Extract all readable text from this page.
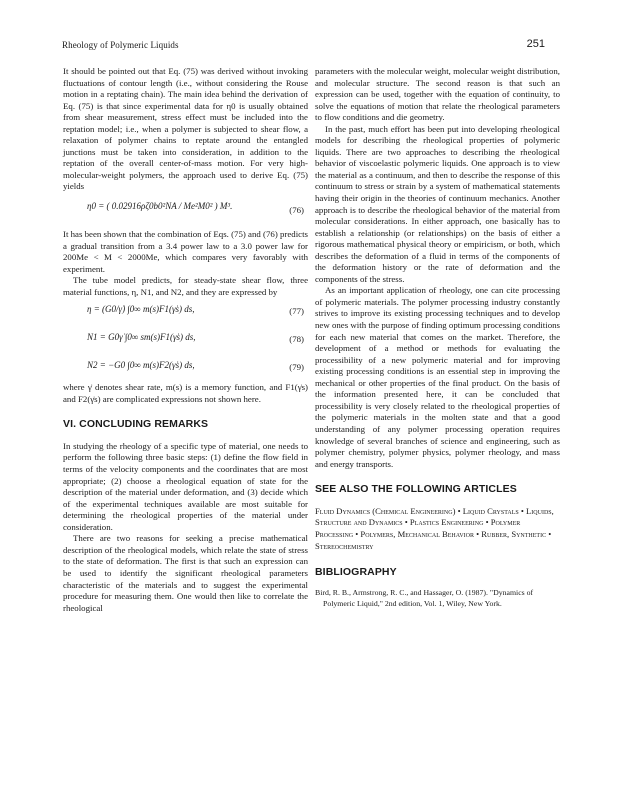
Rheology of Polymeric Liquids	251

It should be pointed out that Eq. (75) was derived without invoking fluctuations of contour length (i.e., without considering the Rouse motion in a reptating chain). The main idea behind the derivation of Eq. (75) is that since experimental data for η0 is usually obtained from shear measurement, stress effect must be included into the reptation model; i.e., when a polymer is subjected to shear flow, a relaxation of polymer chains to reptate around the entangled junctions must be taken into consideration, in addition to the reptation of the overall center-of-mass motion. For very high-molecular-weight polymers, the approach used to derive Eq. (75) yields

η0 = ( 0.02916ρζ0b0²NA / Me²M0² ) M³.	(76)

It has been shown that the combination of Eqs. (75) and (76) predicts a gradual transition from a 3.4 power law to a 3.0 power law for 200Me < M < 2000Me, which compares very favorably with experiment.

The tube model predicts, for steady-state shear flow, three material functions, η, N1, and N2, and they are expressed by

η = (G0/γ̇) ∫0∞ m(s)F1(γ̇s) ds,	(77)
N1 = G0γ̇ ∫0∞ sm(s)F1(γ̇s) ds,	(78)
N2 = −G0 ∫0∞ m(s)F2(γ̇s) ds,	(79)

where γ̇ denotes shear rate, m(s) is a memory function, and F1(γ̇s) and F2(γ̇s) are complicated expressions not shown here.

VI. CONCLUDING REMARKS

In studying the rheology of a specific type of material, one needs to perform the following three basic steps: (1) define the flow field in terms of the velocity components and the coordinates that are most appropriate; (2) choose a rheological equation of state for the description of the material under deformation, and (3) decide which of the experimental techniques available are most suitable for determining the rheological properties of the material under consideration.

There are two reasons for seeking a precise mathematical description of the rheological models, which relate the state of stress to the state of deformation. The first is that such an expression can be used to identify the significant rheological parameters characteristic of the materials and to suggest the experimental procedure for measuring them. One would then like to correlate the rheological

parameters with the molecular weight, molecular weight distribution, and molecular structure. The second reason is that such an expression can be used, together with the equation of continuity, to solve the equations of motion that relate the rheological parameters to flow conditions and die geometry.

In the past, much effort has been put into developing rheological models for describing the rheological properties of polymeric liquids. There are two approaches to describing the rheological behavior of viscoelastic polymeric liquids. One approach is to view the material as a continuum, and then to describe the response of this continuum to stress or strain by a system of mathematical statements having their origin in the theories of continuum mechanics. Another approach is to describe the rheological behavior of the material from molecular considerations. In either approach, one basically has to establish a relationship (or relationships) on the basis of either a rigorous mathematical physical theory or empiricism, or both, which describes the deformation of a fluid in terms of the components of the deformation history or the rate of deformation and the components of the stress.

As an important application of rheology, one can cite processing of polymeric materials. The polymer processing industry constantly strives to improve its existing processing techniques and to develop new ones with the purpose of finding optimum processing conditions for each new material that comes on the market. Therefore, the development of a method or methods for evaluating the processibility of a new polymeric material and for improving existing processing conditions is an essential step in improving the mechanical or other properties of the final product. On the basis of the information presented here, it can be concluded that processibility is very closely related to the rheological properties of the polymeric materials in the molten state and that a good understanding of any polymer processing operation requires knowledge of several branches of science and engineering, such as polymer chemistry, polymer physics, polymer rheology, and mass and energy transports.

SEE ALSO THE FOLLOWING ARTICLES

Fluid Dynamics (Chemical Engineering) • Liquid Crystals • Liquids, Structure and Dynamics • Plastics Engineering • Polymer Processing • Polymers, Mechanical Behavior • Rubber, Synthetic • Stereochemistry

BIBLIOGRAPHY

Bird, R. B., Armstrong, R. C., and Hassager, O. (1987). "Dynamics of Polymeric Liquid," 2nd edition, Vol. 1, Wiley, New York.
